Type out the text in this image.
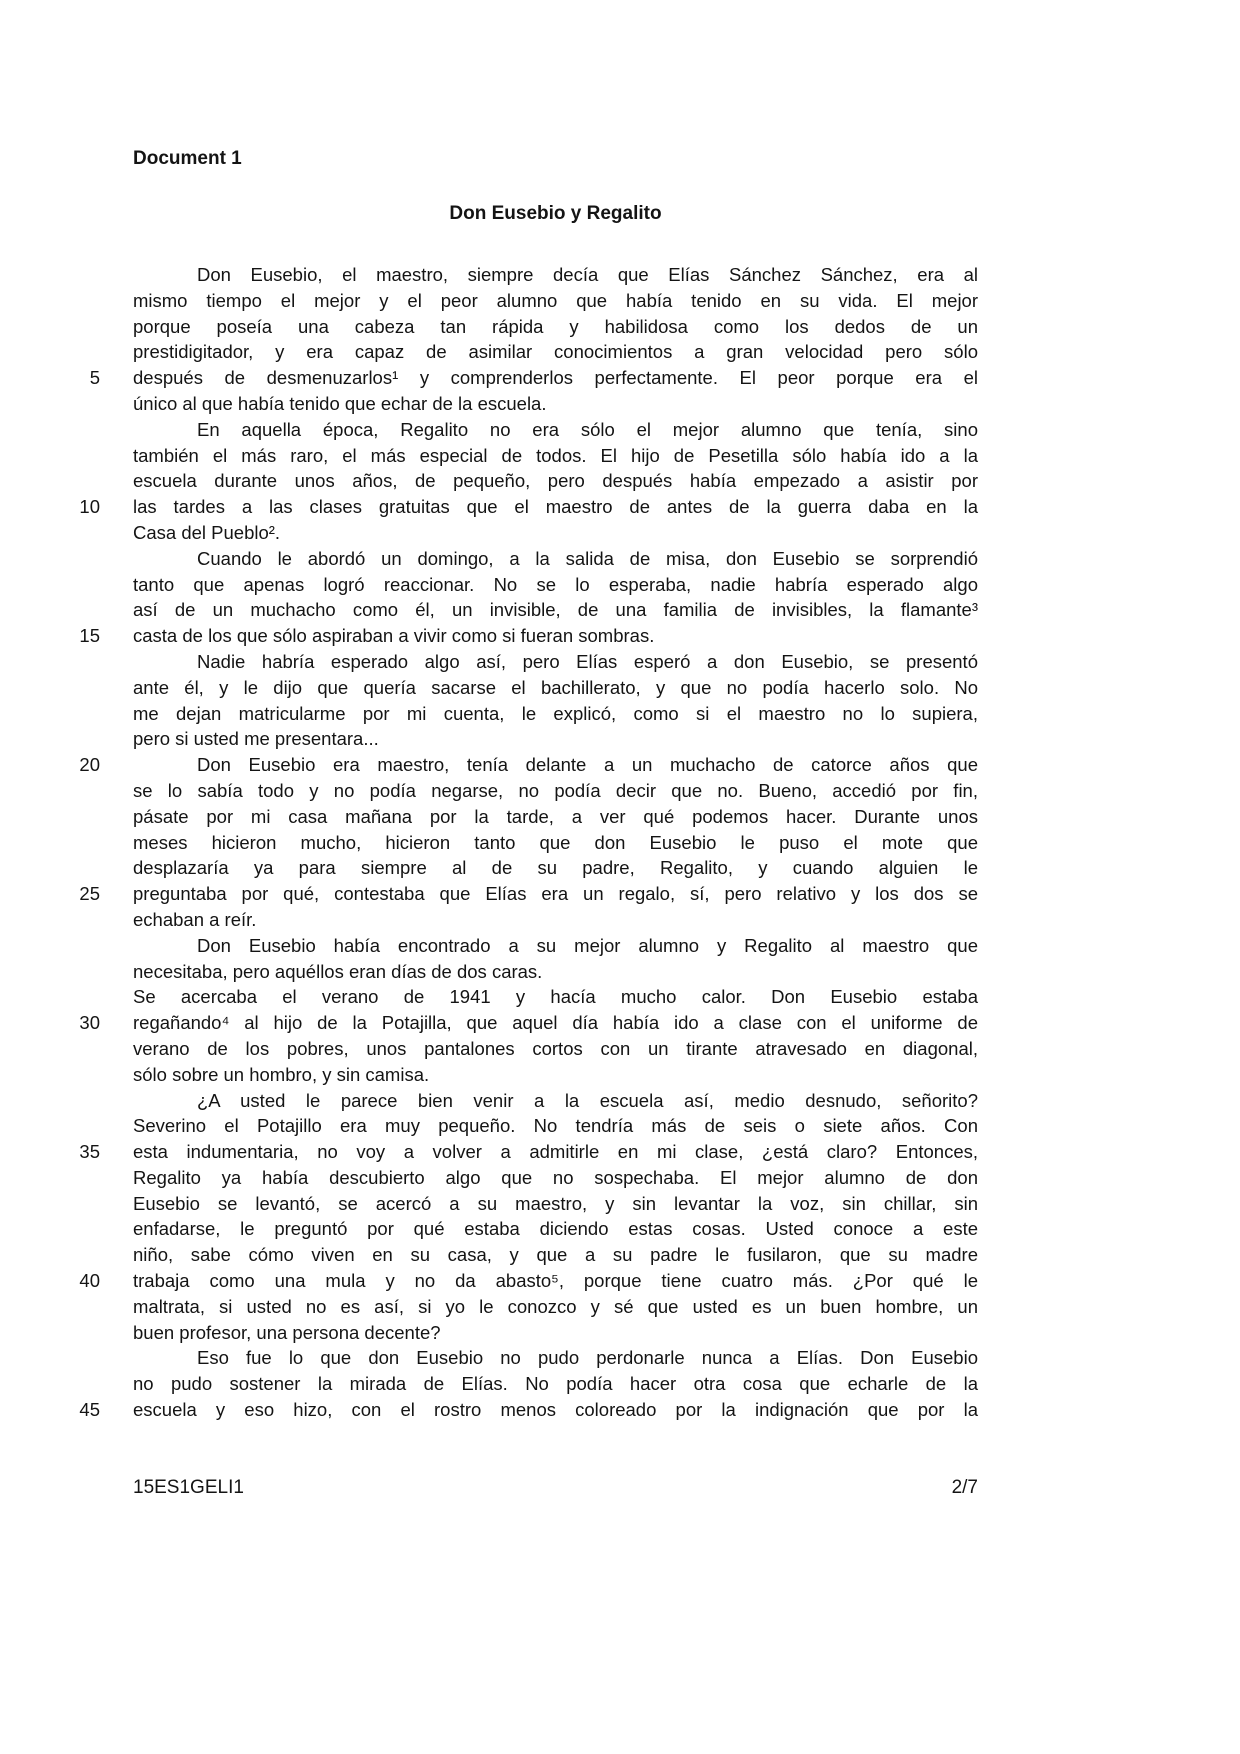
Document 1
Don Eusebio y Regalito
Don Eusebio, el maestro, siempre decía que Elías Sánchez Sánchez, era al
mismo tiempo el mejor y el peor alumno que había tenido en su vida. El mejor
porque poseía una cabeza tan rápida y habilidosa como los dedos de un
prestidigitador, y era capaz de asimilar conocimientos a gran velocidad pero sólo
5 después de desmenuzarlos¹ y comprenderlos perfectamente. El peor porque era el
único al que había tenido que echar de la escuela.
En aquella época, Regalito no era sólo el mejor alumno que tenía, sino
también el más raro, el más especial de todos. El hijo de Pesetilla sólo había ido a la
escuela durante unos años, de pequeño, pero después había empezado a asistir por
10 las tardes a las clases gratuitas que el maestro de antes de la guerra daba en la
Casa del Pueblo².
Cuando le abordó un domingo, a la salida de misa, don Eusebio se sorprendió
tanto que apenas logró reaccionar. No se lo esperaba, nadie habría esperado algo
así de un muchacho como él, un invisible, de una familia de invisibles, la flamante³
15 casta de los que sólo aspiraban a vivir como si fueran sombras.
Nadie habría esperado algo así, pero Elías esperó a don Eusebio, se presentó
ante él, y le dijo que quería sacarse el bachillerato, y que no podía hacerlo solo. No
me dejan matricularme por mi cuenta, le explicó, como si el maestro no lo supiera,
pero si usted me presentara...
20	Don Eusebio era maestro, tenía delante a un muchacho de catorce años que
se lo sabía todo y no podía negarse, no podía decir que no. Bueno, accedió por fin,
pásate por mi casa mañana por la tarde, a ver qué podemos hacer. Durante unos
meses hicieron mucho, hicieron tanto que don Eusebio le puso el mote que
desplazaría ya para siempre al de su padre, Regalito, y cuando alguien le
25 preguntaba por qué, contestaba que Elías era un regalo, sí, pero relativo y los dos se
echaban a reír.
Don Eusebio había encontrado a su mejor alumno y Regalito al maestro que
necesitaba, pero aquéllos eran días de dos caras.
Se acercaba el verano de 1941 y hacía mucho calor. Don Eusebio estaba
30 regañando⁴ al hijo de la Potajilla, que aquel día había ido a clase con el uniforme de
verano de los pobres, unos pantalones cortos con un tirante atravesado en diagonal,
sólo sobre un hombro, y sin camisa.
¿A usted le parece bien venir a la escuela así, medio desnudo, señorito?
Severino el Potajillo era muy pequeño. No tendría más de seis o siete años. Con
35 esta indumentaria, no voy a volver a admitirle en mi clase, ¿está claro? Entonces,
Regalito ya había descubierto algo que no sospechaba. El mejor alumno de don
Eusebio se levantó, se acercó a su maestro, y sin levantar la voz, sin chillar, sin
enfadarse, le preguntó por qué estaba diciendo estas cosas. Usted conoce a este
niño, sabe cómo viven en su casa, y que a su padre le fusilaron, que su madre
40 trabaja como una mula y no da abasto⁵, porque tiene cuatro más. ¿Por qué le
maltrata, si usted no es así, si yo le conozco y sé que usted es un buen hombre, un
buen profesor, una persona decente?
Eso fue lo que don Eusebio no pudo perdonarle nunca a Elías. Don Eusebio
no pudo sostener la mirada de Elías. No podía hacer otra cosa que echarle de la
45 escuela y eso hizo, con el rostro menos coloreado por la indignación que por la
15ES1GELI1	2/7
